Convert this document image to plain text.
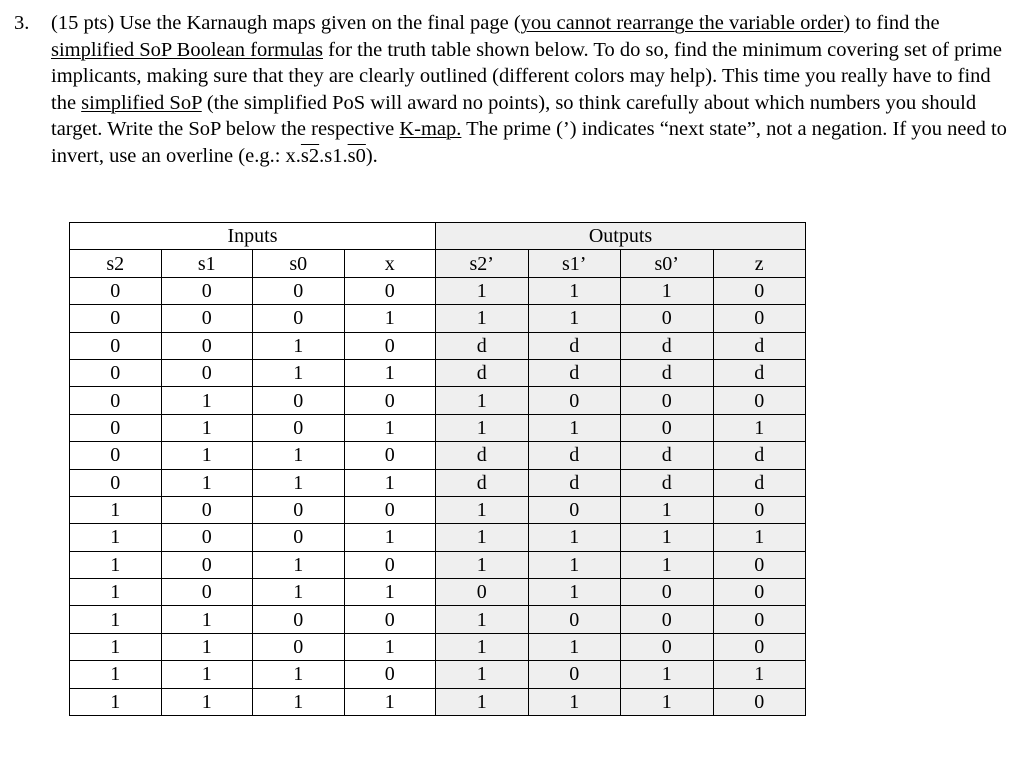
3. (15 pts) Use the Karnaugh maps given on the final page (you cannot rearrange the variable order) to find the simplified SoP Boolean formulas for the truth table shown below. To do so, find the minimum covering set of prime implicants, making sure that they are clearly outlined (different colors may help). This time you really have to find the simplified SoP (the simplified PoS will award no points), so think carefully about which numbers you should target. Write the SoP below the respective K-map. The prime (’) indicates “next state”, not a negation. If you need to invert, use an overline (e.g.: x.s2.s1.s0).
Inputs				Outputs			
s2	s1	s0	x	s2’	s1’	s0’	z
0	0	0	0	1	1	1	0
0	0	0	1	1	1	0	0
0	0	1	0	d	d	d	d
0	0	1	1	d	d	d	d
0	1	0	0	1	0	0	0
0	1	0	1	1	1	0	1
0	1	1	0	d	d	d	d
0	1	1	1	d	d	d	d
1	0	0	0	1	0	1	0
1	0	0	1	1	1	1	1
1	0	1	0	1	1	1	0
1	0	1	1	0	1	0	0
1	1	0	0	1	0	0	0
1	1	0	1	1	1	0	0
1	1	1	0	1	0	1	1
1	1	1	1	1	1	1	0
